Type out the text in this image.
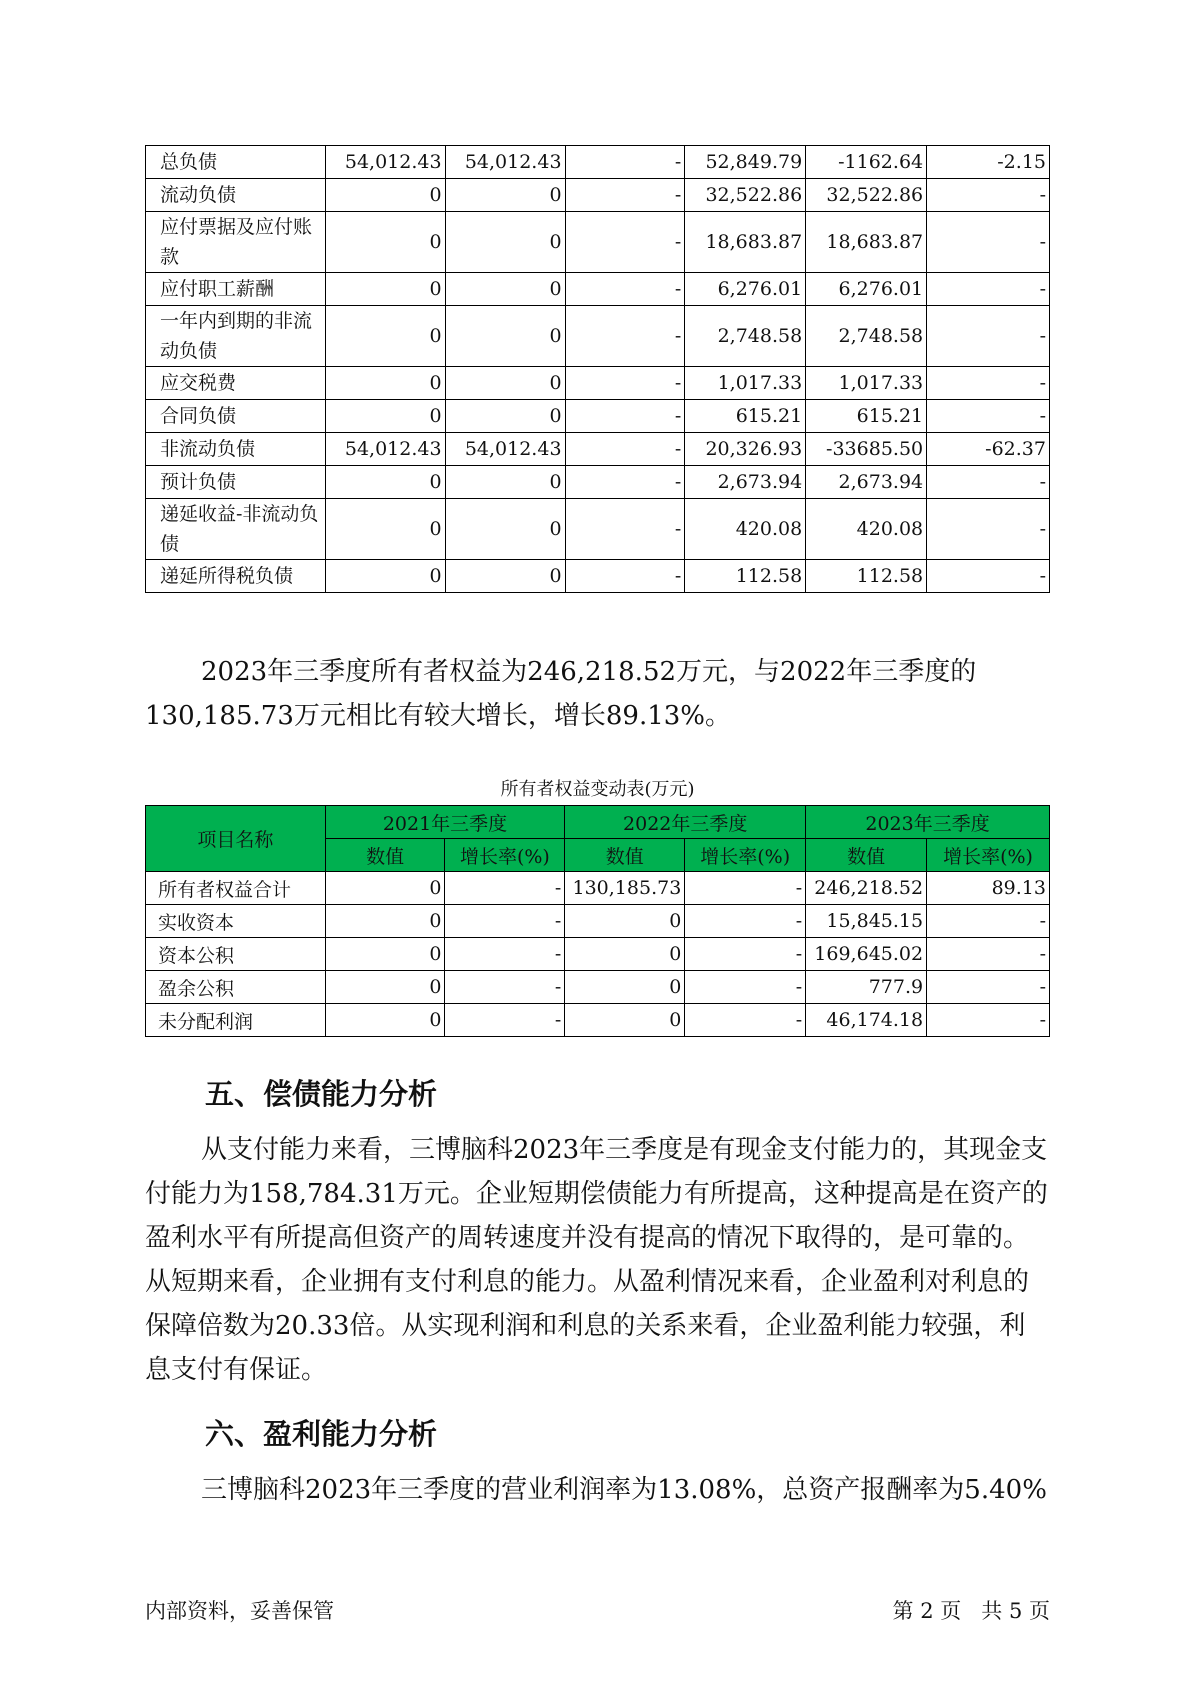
总负债	54,012.43	54,012.43	-	52,849.79	-1162.64	-2.15
流动负债	0	0	-	32,522.86	32,522.86	-
应付票据及应付账款	0	0	-	18,683.87	18,683.87	-
应付职工薪酬	0	0	-	6,276.01	6,276.01	-
一年内到期的非流动负债	0	0	-	2,748.58	2,748.58	-
应交税费	0	0	-	1,017.33	1,017.33	-
合同负债	0	0	-	615.21	615.21	-
非流动负债	54,012.43	54,012.43	-	20,326.93	-33685.50	-62.37
预计负债	0	0	-	2,673.94	2,673.94	-
递延收益-非流动负债	0	0	-	420.08	420.08	-
递延所得税负债	0	0	-	112.58	112.58	-

2023年三季度所有者权益为246,218.52万元，与2022年三季度的130,185.73万元相比有较大增长，增长89.13%。

所有者权益变动表(万元)
项目名称	2021年三季度		2022年三季度		2023年三季度	
	数值	增长率(%)	数值	增长率(%)	数值	增长率(%)
所有者权益合计	0	-	130,185.73	-	246,218.52	89.13
实收资本	0	-	0	-	15,845.15	-
资本公积	0	-	0	-	169,645.02	-
盈余公积	0	-	0	-	777.9	-
未分配利润	0	-	0	-	46,174.18	-
五、偿债能力分析

从支付能力来看，三博脑科2023年三季度是有现金支付能力的，其现金支付能力为158,784.31万元。企业短期偿债能力有所提高，这种提高是在资产的盈利水平有所提高但资产的周转速度并没有提高的情况下取得的，是可靠的。从短期来看，企业拥有支付利息的能力。从盈利情况来看，企业盈利对利息的保障倍数为20.33倍。从实现利润和利息的关系来看，企业盈利能力较强，利息支付有保证。

六、盈利能力分析

三博脑科2023年三季度的营业利润率为13.08%，总资产报酬率为5.40%

内部资料，妥善保管	第 2 页   共 5 页
